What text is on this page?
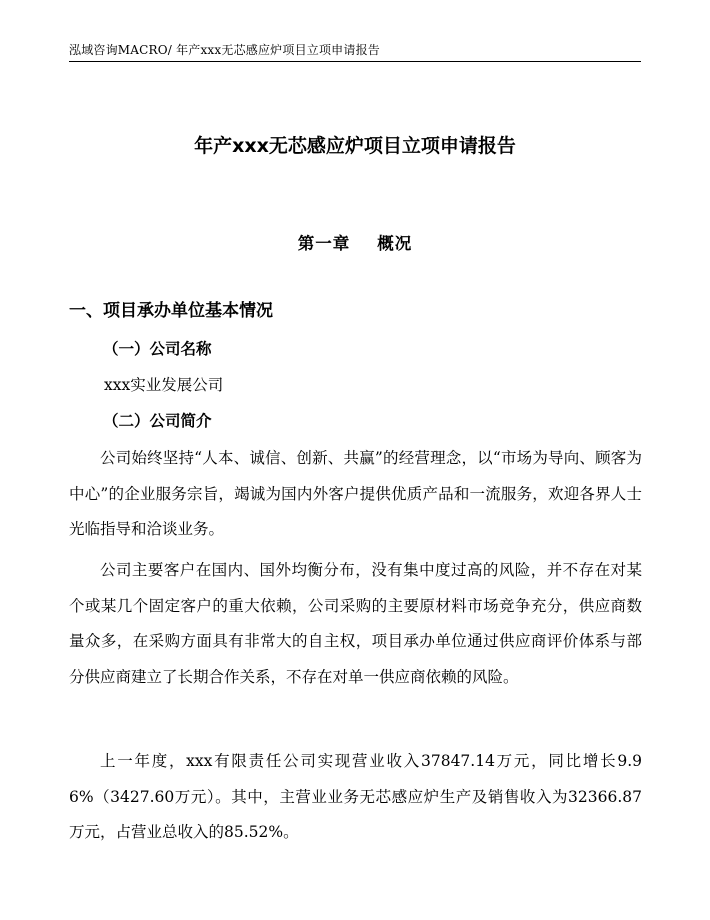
泓域咨询MACRO/ 年产xxx无芯感应炉项目立项申请报告
年产xxx无芯感应炉项目立项申请报告
第一章    概况
一、项目承办单位基本情况
（一）公司名称
xxx实业发展公司
（二）公司简介

公司始终坚持“人本、诚信、创新、共赢”的经营理念，以“市场为导向、顾客为中心”的企业服务宗旨，竭诚为国内外客户提供优质产品和一流服务，欢迎各界人士光临指导和洽谈业务。

公司主要客户在国内、国外均衡分布，没有集中度过高的风险，并不存在对某个或某几个固定客户的重大依赖，公司采购的主要原材料市场竞争充分，供应商数量众多，在采购方面具有非常大的自主权，项目承办单位通过供应商评价体系与部分供应商建立了长期合作关系，不存在对单一供应商依赖的风险。

上一年度，xxx有限责任公司实现营业收入37847.14万元，同比增长9.96%（3427.60万元）。其中，主营业业务无芯感应炉生产及销售收入为32366.87万元，占营业总收入的85.52%。
